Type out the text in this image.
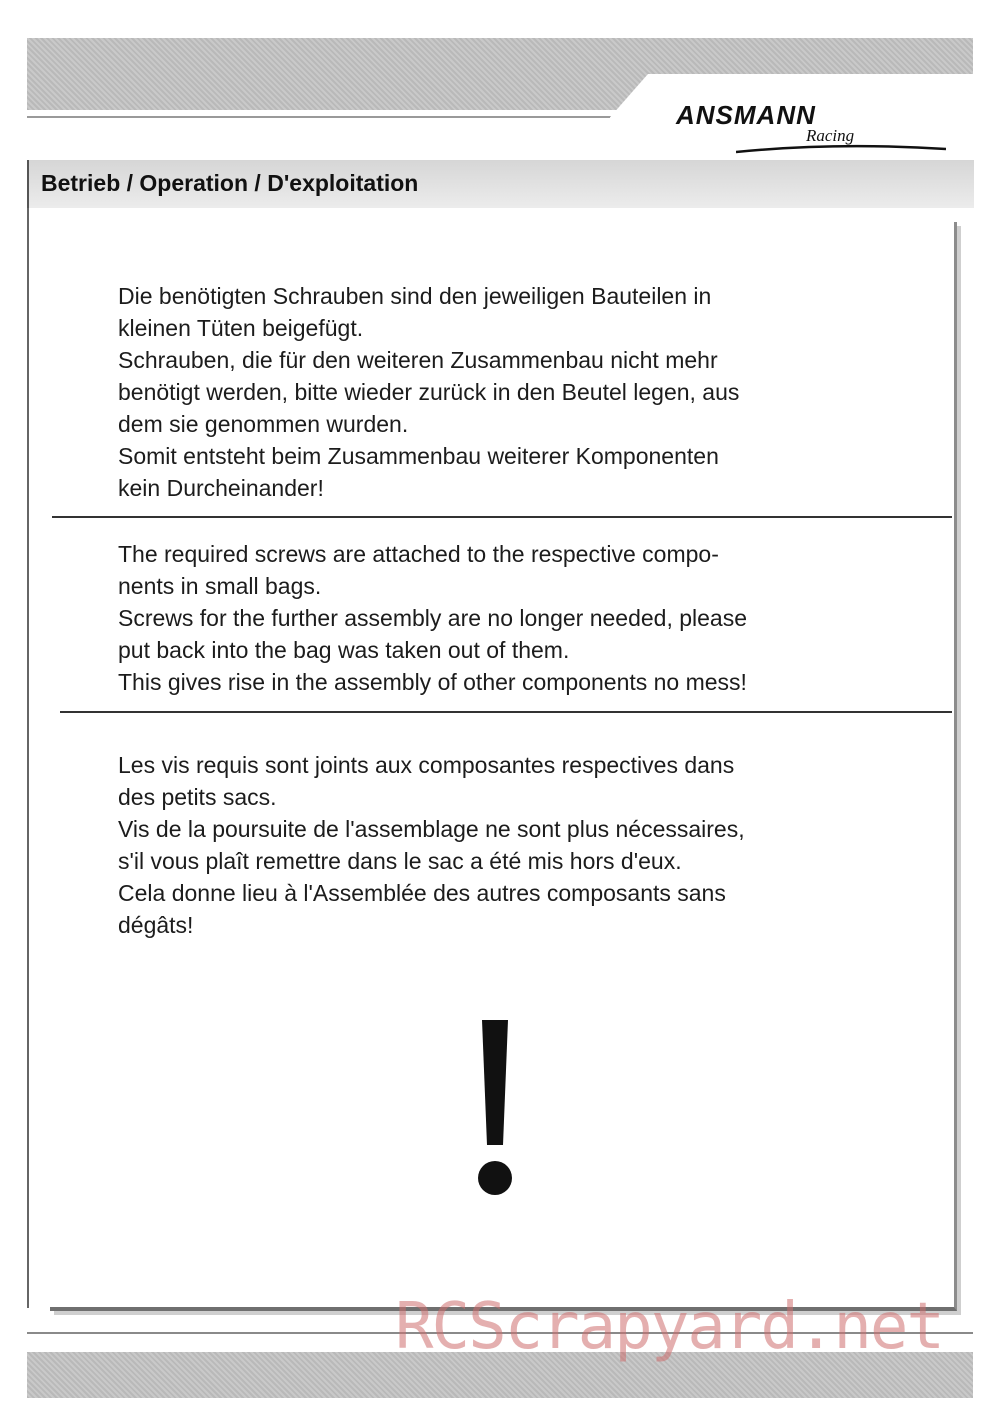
ANSMANN
Racing
Betrieb / Operation / D'exploitation
Die benötigten Schrauben sind den jeweiligen Bauteilen in
kleinen Tüten beigefügt.
Schrauben, die für den weiteren Zusammenbau nicht mehr
benötigt werden, bitte wieder zurück in den Beutel legen, aus
dem sie genommen wurden.
Somit entsteht beim Zusammenbau weiterer Komponenten
kein Durcheinander!
The required screws are attached to the respective compo-
nents in small bags.
Screws for the further assembly are no longer needed, please
put back into the bag was taken out of them.
This gives rise in the assembly of other components no mess!
Les vis requis sont joints aux composantes respectives dans
des petits sacs.
Vis de la poursuite de l'assemblage ne sont plus nécessaires,
s'il vous plaît remettre dans le sac a été mis hors d'eux.
Cela donne lieu à l'Assemblée des autres composants sans
dégâts!
RCScrapyard.net
